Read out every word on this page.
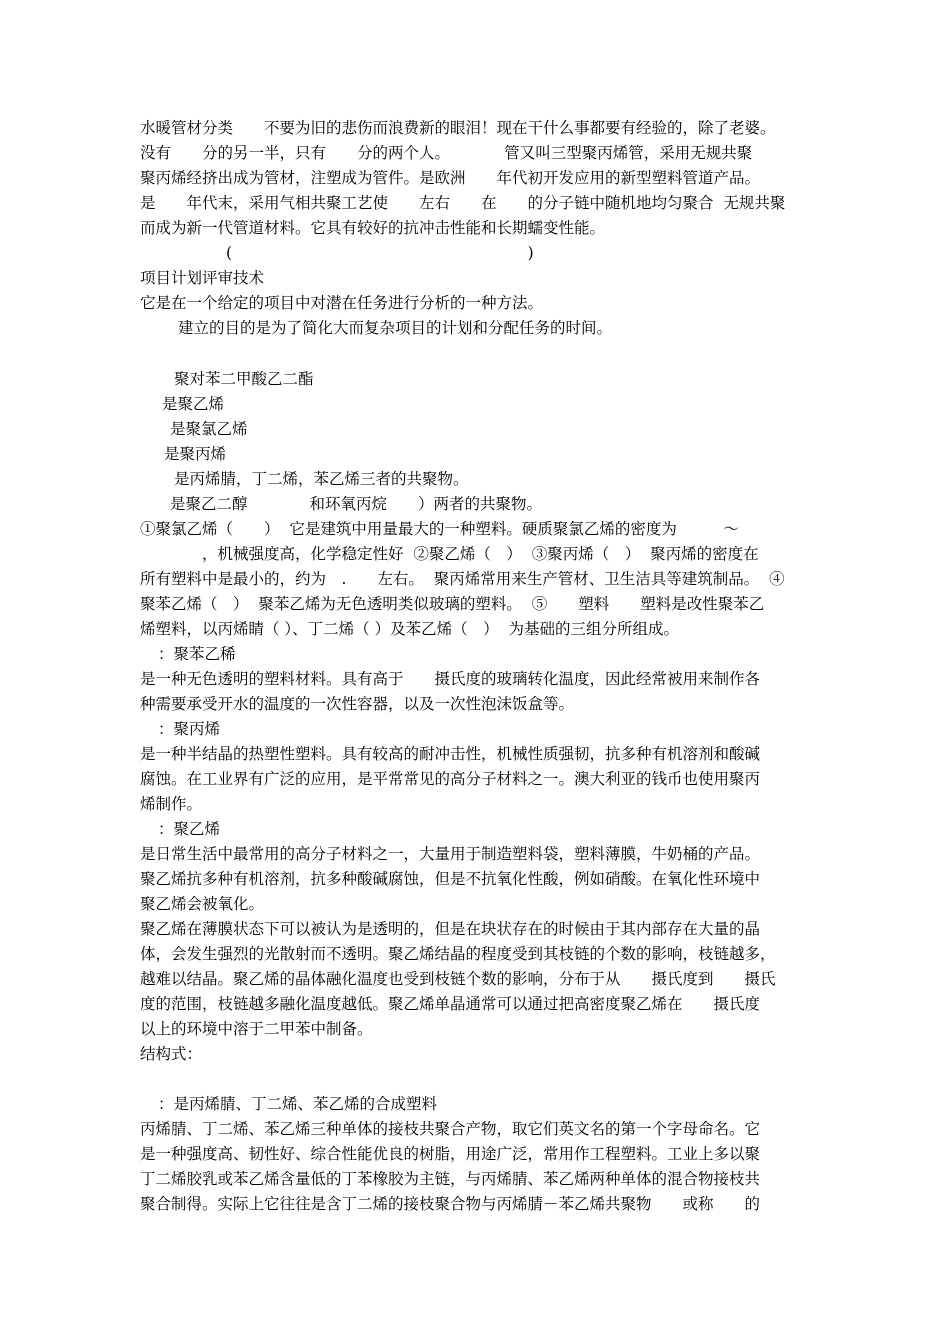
水暖管材分类　　不要为旧的悲伤而浪费新的眼泪！现在干什么事都要有经验的，除了老婆。
没有　　分的另一半，只有　　分的两个人。　　　　管又叫三型聚丙烯管，采用无规共聚
聚丙烯经挤出成为管材，注塑成为管件。是欧洲　　年代初开发应用的新型塑料管道产品。
是　　年代末，采用气相共聚工艺使　　左右　　在　　的分子链中随机地均匀聚合  无规共聚
而成为新一代管道材料。它具有较好的抗冲击性能和长期蠕变性能。
(                                                            )
项目计划评审技术
它是在一个给定的项目中对潜在任务进行分析的一种方法。
建立的目的是为了简化大而复杂项目的计划和分配任务的时间。
聚对苯二甲酸乙二酯
是聚乙烯
是聚氯乙烯
是聚丙烯
是丙烯腈，丁二烯，苯乙烯三者的共聚物。
是聚乙二醇　　　　和环氧丙烷　　）两者的共聚物。
①聚氯乙烯（　　）  它是建筑中用量最大的一种塑料。硬质聚氯乙烯的密度为　　　～
，机械强度高，化学稳定性好  ②聚乙烯（　）  ③聚丙烯（　）  聚丙烯的密度在
所有塑料中是最小的，约为　.　　左右。  聚丙烯常用来生产管材、卫生洁具等建筑制品。  ④
聚苯乙烯（　）  聚苯乙烯为无色透明类似玻璃的塑料。  ⑤　　塑料　　塑料是改性聚苯乙
烯塑料，以丙烯睛（ ）、丁二烯（ ）及苯乙烯（　）  为基础的三组分所组成。
：聚苯乙稀
是一种无色透明的塑料材料。具有高于　　摄氏度的玻璃转化温度，因此经常被用来制作各
种需要承受开水的温度的一次性容器，以及一次性泡沫饭盒等。
：聚丙烯
是一种半结晶的热塑性塑料。具有较高的耐冲击性，机械性质强韧，抗多种有机溶剂和酸碱
腐蚀。在工业界有广泛的应用，是平常常见的高分子材料之一。澳大利亚的钱币也使用聚丙
烯制作。
：聚乙烯
是日常生活中最常用的高分子材料之一，大量用于制造塑料袋，塑料薄膜，牛奶桶的产品。
聚乙烯抗多种有机溶剂，抗多种酸碱腐蚀，但是不抗氧化性酸，例如硝酸。在氧化性环境中
聚乙烯会被氧化。
聚乙烯在薄膜状态下可以被认为是透明的，但是在块状存在的时候由于其内部存在大量的晶
体，会发生强烈的光散射而不透明。聚乙烯结晶的程度受到其枝链的个数的影响，枝链越多，
越难以结晶。聚乙烯的晶体融化温度也受到枝链个数的影响，分布于从　　摄氏度到　　摄氏
度的范围，枝链越多融化温度越低。聚乙烯单晶通常可以通过把高密度聚乙烯在　　摄氏度
以上的环境中溶于二甲苯中制备。
结构式：
：是丙烯腈、丁二烯、苯乙烯的合成塑料
丙烯腈、丁二烯、苯乙烯三种单体的接枝共聚合产物，取它们英文名的第一个字母命名。它
是一种强度高、韧性好、综合性能优良的树脂，用途广泛，常用作工程塑料。工业上多以聚
丁二烯胶乳或苯乙烯含量低的丁苯橡胶为主链，与丙烯腈、苯乙烯两种单体的混合物接枝共
聚合制得。实际上它往往是含丁二烯的接枝聚合物与丙烯腈－苯乙烯共聚物　　或称　　的
